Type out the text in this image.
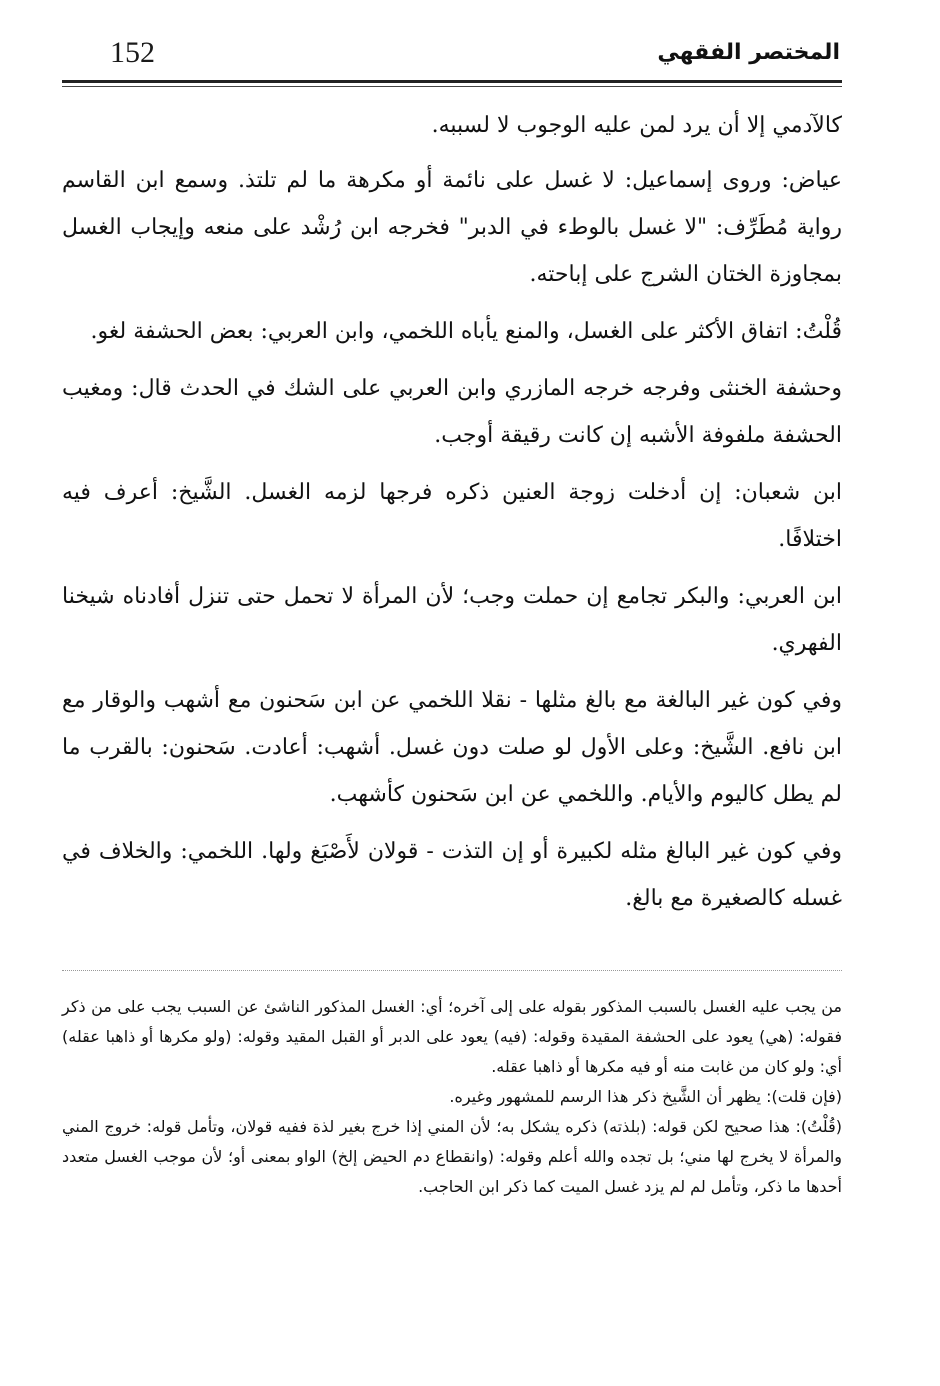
152	المختصر الفقهي

كالآدمي إلا أن يرد لمن عليه الوجوب لا لسببه.

عياض: وروى إسماعيل: لا غسل على نائمة أو مكرهة ما لم تلتذ. وسمع ابن القاسم رواية مُطَرِّف: "لا غسل بالوطء في الدبر" فخرجه ابن رُشْد على منعه وإيجاب الغسل بمجاوزة الختان الشرج على إباحته.

قُلْتُ: اتفاق الأكثر على الغسل، والمنع يأباه اللخمي، وابن العربي: بعض الحشفة لغو.

وحشفة الخنثى وفرجه خرجه المازري وابن العربي على الشك في الحدث قال: ومغيب الحشفة ملفوفة الأشبه إن كانت رقيقة أوجب.

ابن شعبان: إن أدخلت زوجة العنين ذكره فرجها لزمه الغسل. الشَّيخ: أعرف فيه اختلافًا.

ابن العربي: والبكر تجامع إن حملت وجب؛ لأن المرأة لا تحمل حتى تنزل أفادناه شيخنا الفهري.

وفي كون غير البالغة مع بالغ مثلها - نقلا اللخمي عن ابن سَحنون مع أشهب والوقار مع ابن نافع. الشَّيخ: وعلى الأول لو صلت دون غسل. أشهب: أعادت. سَحنون: بالقرب ما لم يطل كاليوم والأيام. واللخمي عن ابن سَحنون كأشهب.

وفي كون غير البالغ مثله لكبيرة أو إن التذت - قولان لأَصْبَغ ولها. اللخمي: والخلاف في غسله كالصغيرة مع بالغ.

من يجب عليه الغسل بالسبب المذكور بقوله على إلى آخره؛ أي: الغسل المذكور الناشئ عن السبب يجب على من ذكر فقوله: (هي) يعود على الحشفة المقيدة وقوله: (فيه) يعود على الدبر أو القبل المقيد وقوله: (ولو مكرها أو ذاهبا عقله) أي: ولو كان من غابت منه أو فيه مكرها أو ذاهبا عقله.

(فإن قلت): يظهر أن الشَّيخ ذكر هذا الرسم للمشهور وغيره.

(قُلْتُ): هذا صحيح لكن قوله: (بلذته) ذكره يشكل به؛ لأن المني إذا خرج بغير لذة ففيه قولان، وتأمل قوله: خروج المني والمرأة لا يخرج لها مني؛ بل تجده والله أعلم وقوله: (وانقطاع دم الحيض إلخ) الواو بمعنى أو؛ لأن موجب الغسل متعدد أحدها ما ذكر، وتأمل لم لم يزد غسل الميت كما ذكر ابن الحاجب.
